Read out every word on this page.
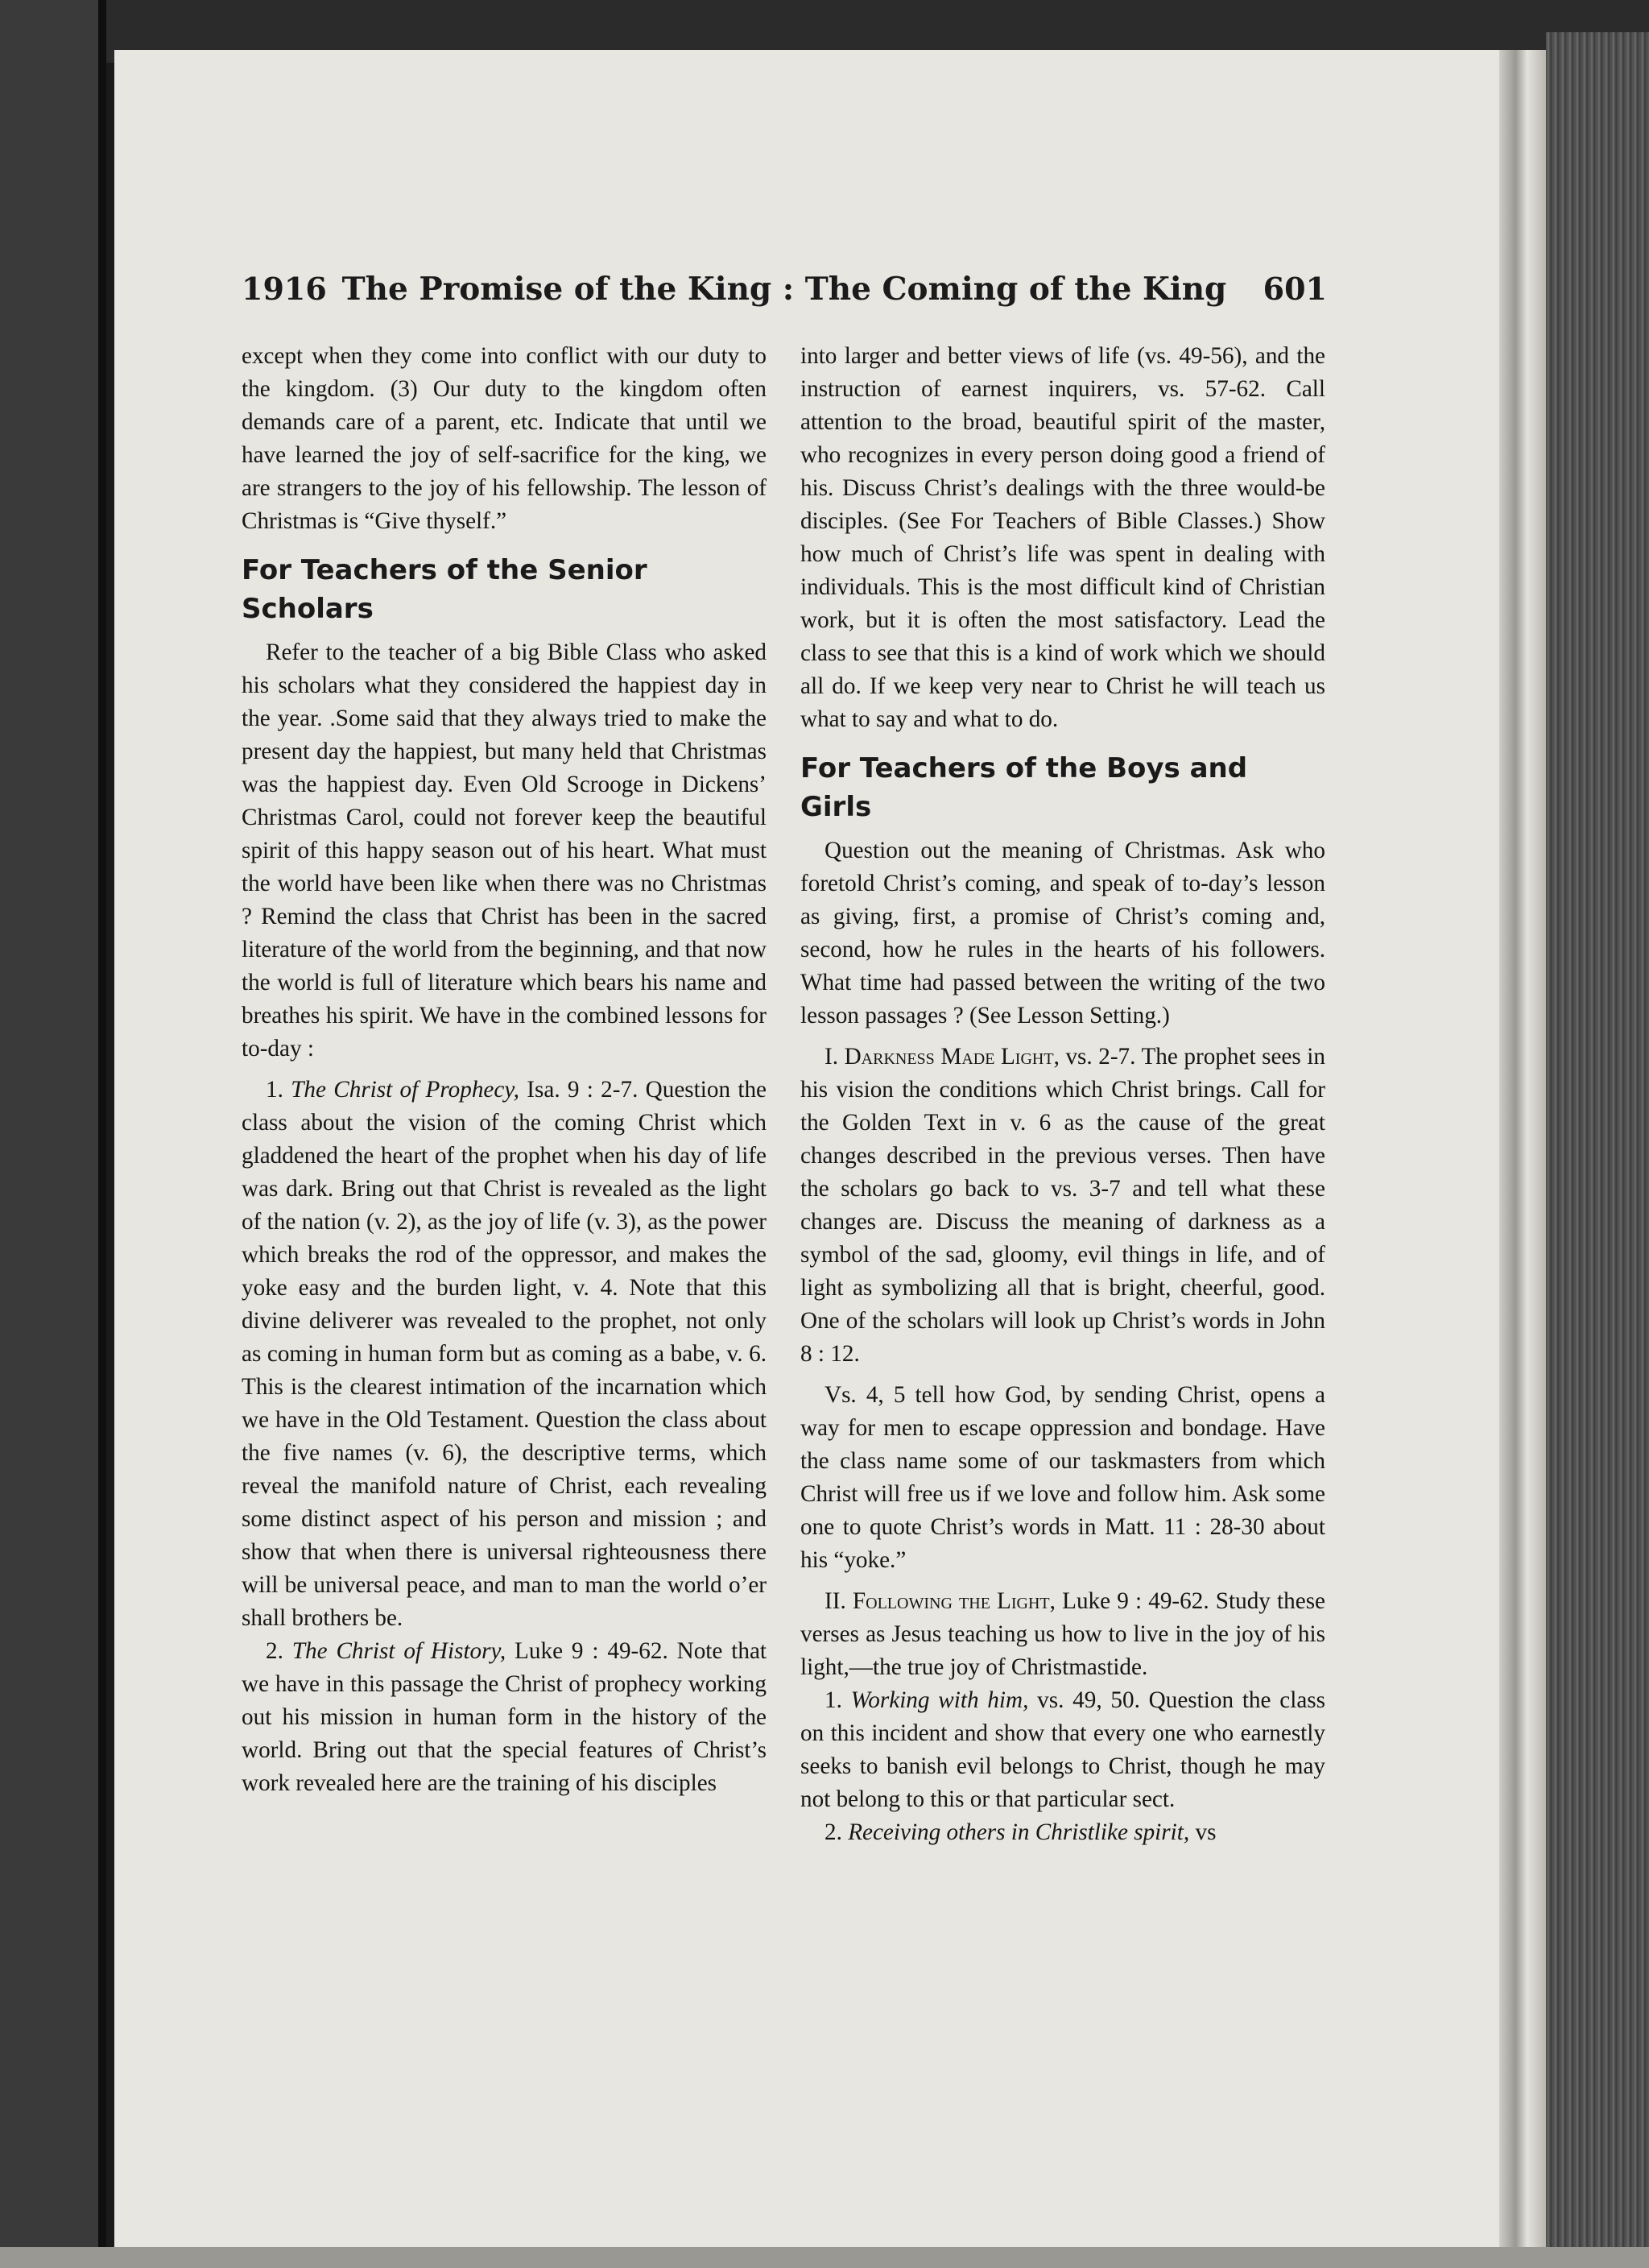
1916 The Promise of the King : The Coming of the King	601

except when they come into conflict with our duty to the kingdom. (3) Our duty to the kingdom often demands care of a parent, etc. Indicate that until we have learned the joy of self-sacrifice for the king, we are strangers to the joy of his fellowship. The lesson of Christmas is “Give thyself.”

For Teachers of the Senior Scholars

Refer to the teacher of a big Bible Class who asked his scholars what they considered the happiest day in the year. .Some said that they always tried to make the present day the happiest, but many held that Christmas was the happiest day. Even Old Scrooge in Dickens’ Christmas Carol, could not forever keep the beautiful spirit of this happy season out of his heart. What must the world have been like when there was no Christmas ? Remind the class that Christ has been in the sacred literature of the world from the beginning, and that now the world is full of literature which bears his name and breathes his spirit. We have in the combined lessons for to-day :

1. The Christ of Prophecy, Isa. 9 : 2-7. Question the class about the vision of the coming Christ which gladdened the heart of the prophet when his day of life was dark. Bring out that Christ is revealed as the light of the nation (v. 2), as the joy of life (v. 3), as the power which breaks the rod of the oppressor, and makes the yoke easy and the burden light, v. 4. Note that this divine deliverer was revealed to the prophet, not only as coming in human form but as coming as a babe, v. 6. This is the clearest intimation of the incarnation which we have in the Old Testament. Question the class about the five names (v. 6), the descriptive terms, which reveal the manifold nature of Christ, each revealing some distinct aspect of his person and mission ; and show that when there is universal righteousness there will be universal peace, and man to man the world o’er shall brothers be.

2. The Christ of History, Luke 9 : 49-62. Note that we have in this passage the Christ of prophecy working out his mission in human form in the history of the world. Bring out that the special features of Christ’s work revealed here are the training of his disciples

into larger and better views of life (vs. 49-56), and the instruction of earnest inquirers, vs. 57-62. Call attention to the broad, beautiful spirit of the master, who recognizes in every person doing good a friend of his. Discuss Christ’s dealings with the three would-be disciples. (See For Teachers of Bible Classes.) Show how much of Christ’s life was spent in dealing with individuals. This is the most difficult kind of Christian work, but it is often the most satisfactory. Lead the class to see that this is a kind of work which we should all do. If we keep very near to Christ he will teach us what to say and what to do.

For Teachers of the Boys and Girls

Question out the meaning of Christmas. Ask who foretold Christ’s coming, and speak of to-day’s lesson as giving, first, a promise of Christ’s coming and, second, how he rules in the hearts of his followers. What time had passed between the writing of the two lesson passages ? (See Lesson Setting.)

I. Darkness Made Light, vs. 2-7. The prophet sees in his vision the conditions which Christ brings. Call for the Golden Text in v. 6 as the cause of the great changes described in the previous verses. Then have the scholars go back to vs. 3-7 and tell what these changes are. Discuss the meaning of darkness as a symbol of the sad, gloomy, evil things in life, and of light as symbolizing all that is bright, cheerful, good. One of the scholars will look up Christ’s words in John 8 : 12.

Vs. 4, 5 tell how God, by sending Christ, opens a way for men to escape oppression and bondage. Have the class name some of our taskmasters from which Christ will free us if we love and follow him. Ask some one to quote Christ’s words in Matt. 11 : 28-30 about his “yoke.”

II. Following the Light, Luke 9 : 49-62. Study these verses as Jesus teaching us how to live in the joy of his light,—the true joy of Christmastide.

1. Working with him, vs. 49, 50. Question the class on this incident and show that every one who earnestly seeks to banish evil belongs to Christ, though he may not belong to this or that particular sect.

2. Receiving others in Christlike spirit, vs
